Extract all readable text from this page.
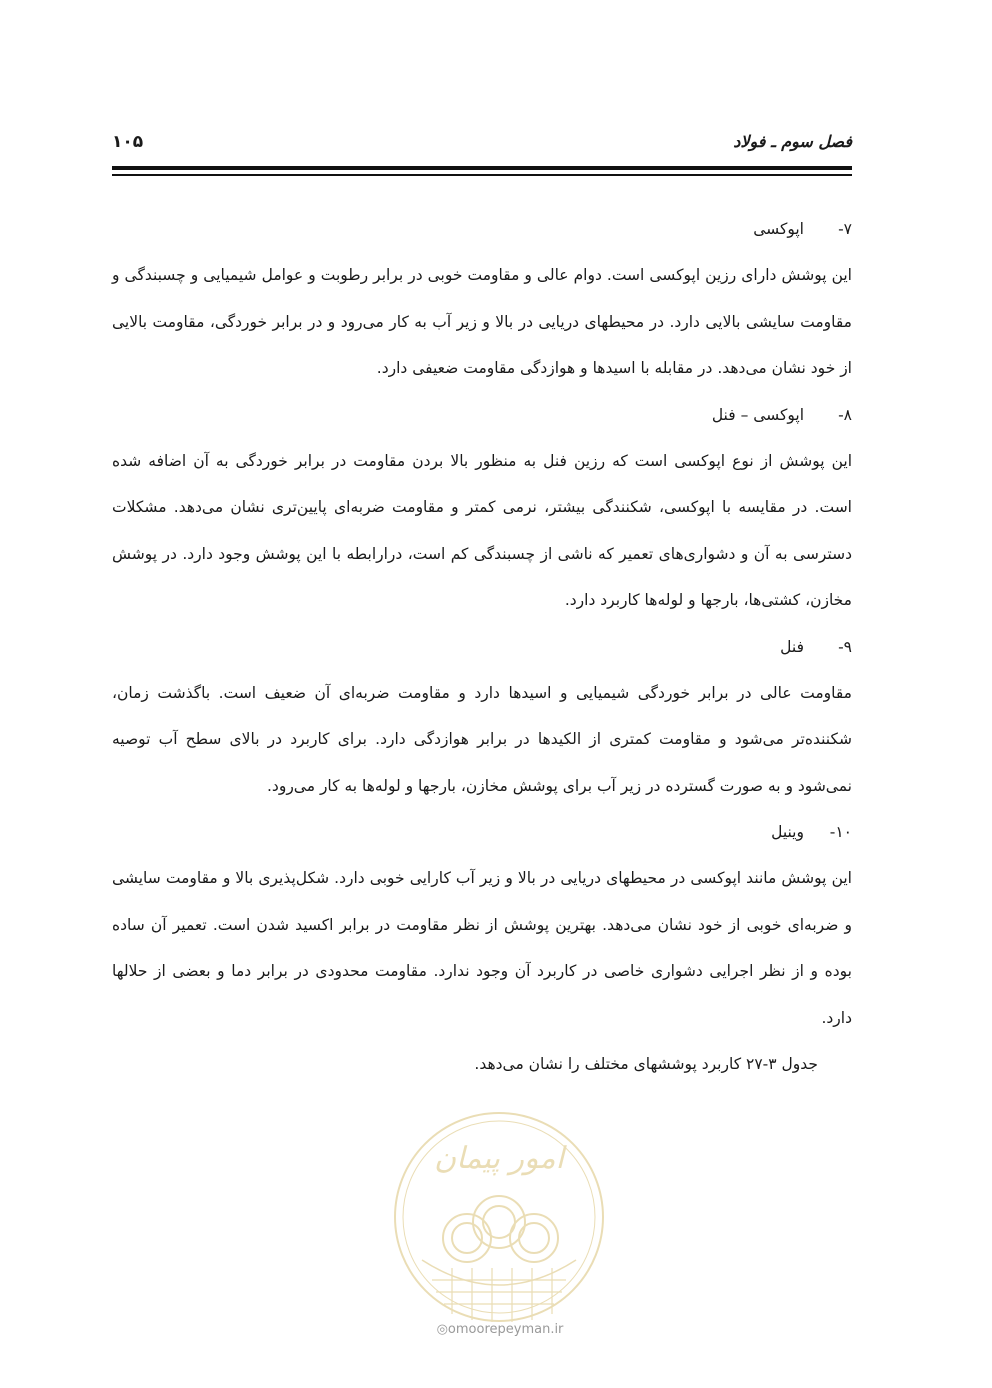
فصل سوم ـ فولاد
۱۰۵
۷-
اپوکسی

این پوشش دارای رزین اپوکسی است. دوام عالی و مقاومت خوبی در برابر رطوبت و عوامل شیمیایی و چسبندگی و مقاومت سایشی بالایی دارد. در محیطهای دریایی در بالا و زیر آب به کار می‌رود و در برابر خوردگی، مقاومت بالایی از خود نشان می‌دهد. در مقابله با اسیدها و هوازدگی مقاومت ضعیفی دارد.

۸-
اپوکسی – فنل

این پوشش از نوع اپوکسی است که رزین فنل به منظور بالا بردن مقاومت در برابر خوردگی به آن اضافه شده است. در مقایسه با اپوکسی، شکنندگی بیشتر، نرمی کمتر و مقاومت ضربه‌ای پایین‌تری نشان می‌دهد. مشکلات دسترسی به آن و دشواری‌های تعمیر که ناشی از چسبندگی کم است، درارابطه با این پوشش وجود دارد. در پوشش مخازن، کشتی‌ها، بارجها و لوله‌ها کاربرد دارد.

۹-
فنل

مقاومت عالی در برابر خوردگی شیمیایی و اسیدها دارد و مقاومت ضربه‌ای آن ضعیف است. باگذشت زمان، شکننده‌تر می‌شود و مقاومت کمتری از الکیدها در برابر هوازدگی دارد. برای کاربرد در بالای سطح آب توصیه نمی‌شود و به صورت گسترده در زیر آب برای پوشش مخازن، بارجها و لوله‌ها به کار می‌رود.

۱۰-
وینیل

این پوشش مانند اپوکسی در محیطهای دریایی در بالا و زیر آب کارایی خوبی دارد. شکل‌پذیری بالا و مقاومت سایشی و ضربه‌ای خوبی از خود نشان می‌دهد. بهترین پوشش از نظر مقاومت در برابر اکسید شدن است. تعمیر آن ساده بوده و از نظر اجرایی دشواری خاصی در کاربرد آن وجود ندارد. مقاومت محدودی در برابر دما و بعضی از حلالها دارد.

جدول ۳-۲۷ کاربرد پوششهای مختلف را نشان می‌دهد.

امور پیمان
◎omoorepeyman.ir
